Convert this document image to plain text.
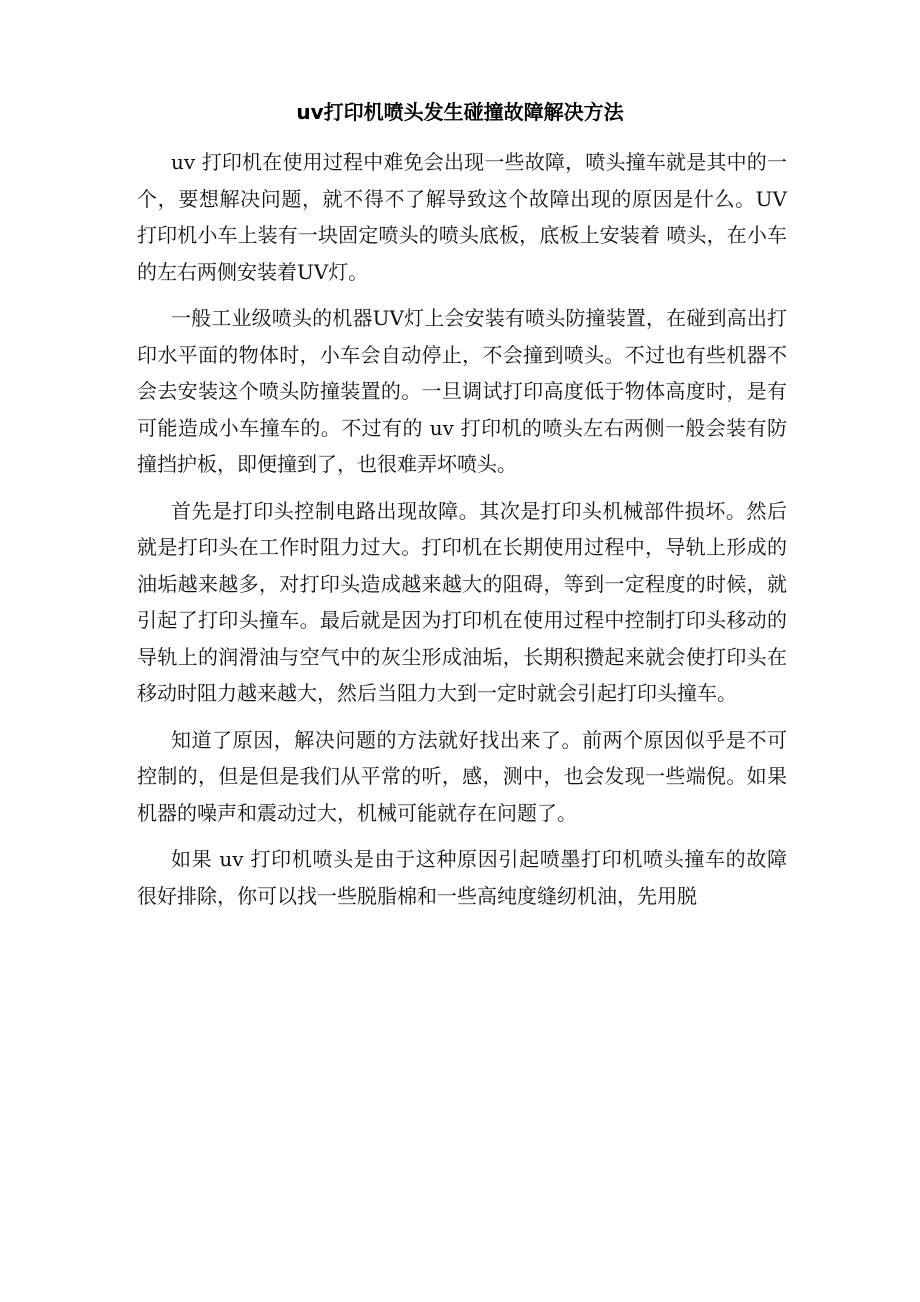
uv打印机喷头发生碰撞故障解决方法

uv 打印机在使用过程中难免会出现一些故障，喷头撞车就是其中的一个，要想解决问题，就不得不了解导致这个故障出现的原因是什么。UV打印机小车上装有一块固定喷头的喷头底板，底板上安装着 喷头，在小车的左右两侧安装着UV灯。

一般工业级喷头的机器UV灯上会安装有喷头防撞装置，在碰到高出打印水平面的物体时，小车会自动停止，不会撞到喷头。不过也有些机器不会去安装这个喷头防撞装置的。一旦调试打印高度低于物体高度时，是有可能造成小车撞车的。不过有的 uv 打印机的喷头左右两侧一般会装有防撞挡护板，即便撞到了，也很难弄坏喷头。

首先是打印头控制电路出现故障。其次是打印头机械部件损坏。然后就是打印头在工作时阻力过大。打印机在长期使用过程中，导轨上形成的油垢越来越多，对打印头造成越来越大的阻碍，等到一定程度的时候，就引起了打印头撞车。最后就是因为打印机在使用过程中控制打印头移动的导轨上的润滑油与空气中的灰尘形成油垢，长期积攒起来就会使打印头在移动时阻力越来越大，然后当阻力大到一定时就会引起打印头撞车。

知道了原因，解决问题的方法就好找出来了。前两个原因似乎是不可控制的，但是但是我们从平常的听，感，测中，也会发现一些端倪。如果机器的噪声和震动过大，机械可能就存在问题了。

如果 uv 打印机喷头是由于这种原因引起喷墨打印机喷头撞车的故障很好排除，你可以找一些脱脂棉和一些高纯度缝纫机油，先用脱
